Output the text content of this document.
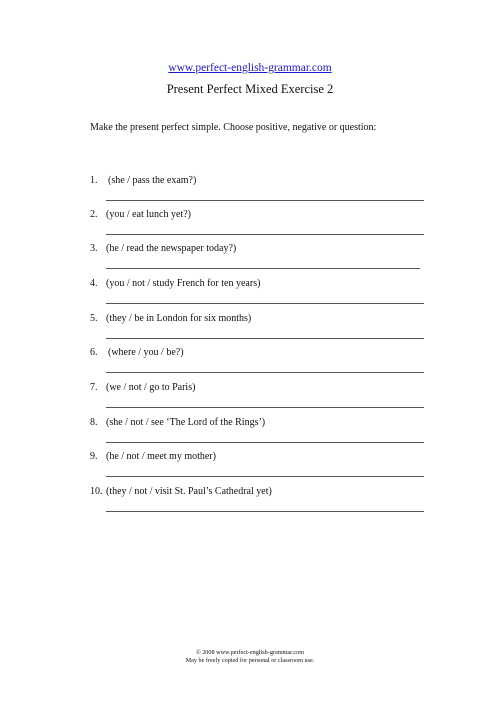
www.perfect-english-grammar.com
Present Perfect Mixed Exercise 2
Make the present perfect simple. Choose positive, negative or question:
1. (she / pass the exam?)
2. (you / eat lunch yet?)
3. (he / read the newspaper today?)
4. (you / not / study French for ten years)
5. (they / be in London for six months)
6. (where / you / be?)
7. (we / not / go to Paris)
8. (she / not / see ‘The Lord of the Rings’)
9. (he / not / meet my mother)
10. (they / not / visit St. Paul’s Cathedral yet)
© 2008 www.perfect-english-grammar.com
May be freely copied for personal or classroom use.
